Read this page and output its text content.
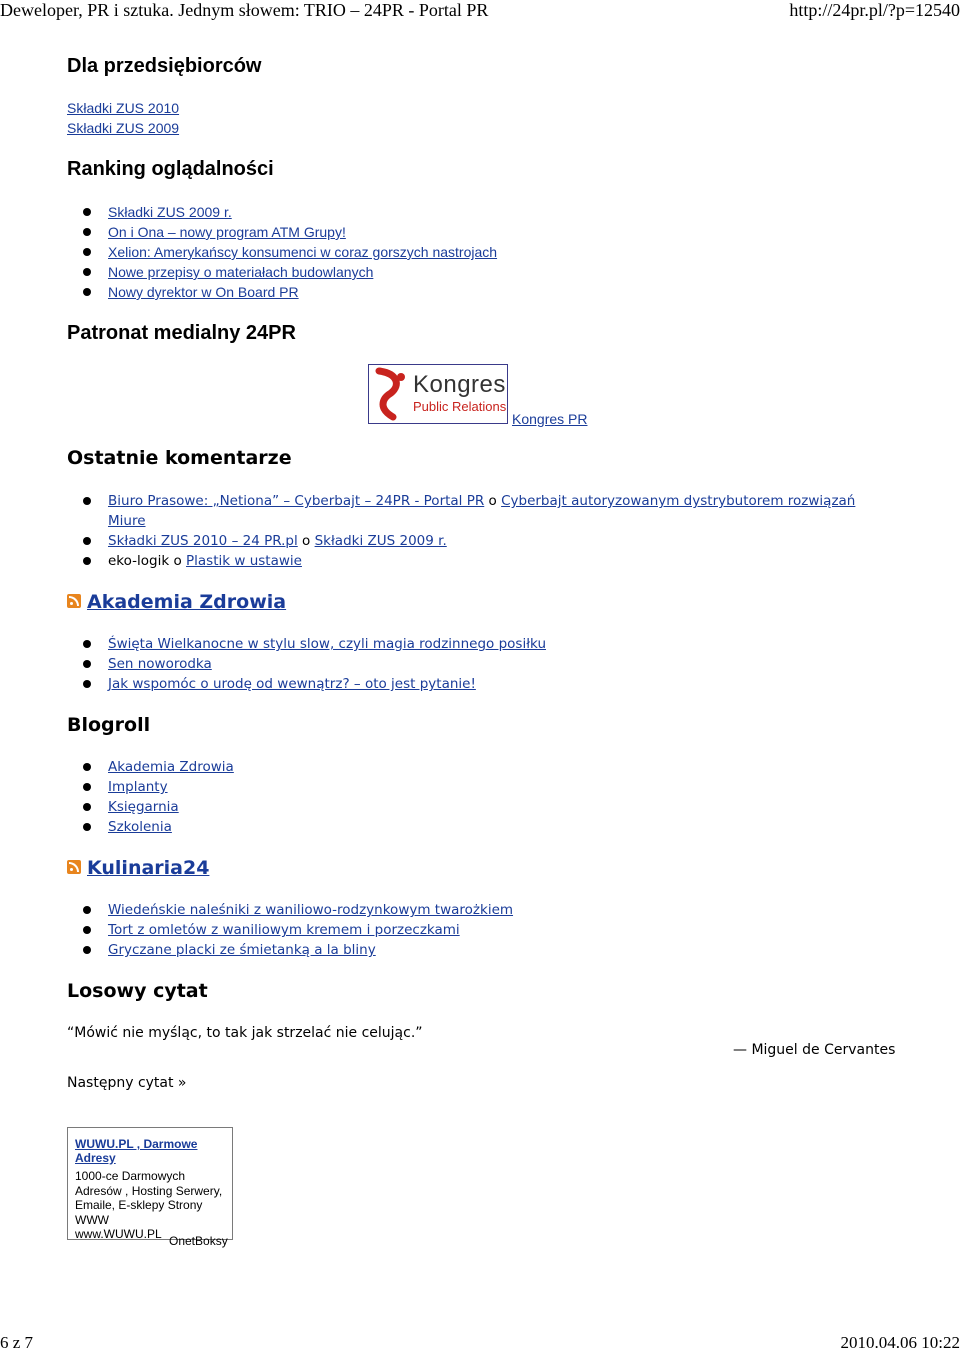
Deweloper, PR i sztuka. Jednym słowem: TRIO – 24PR - Portal PR	http://24pr.pl/?p=12540
Dla przedsiębiorców
Składki ZUS 2010
Składki ZUS 2009
Ranking oglądalności
Składki ZUS 2009 r.
On i Ona – nowy program ATM Grupy!
Xelion: Amerykańscy konsumenci w coraz gorszych nastrojach
Nowe przepisy o materiałach budowlanych
Nowy dyrektor w On Board PR
Patronat medialny 24PR
Kongres
Public Relations
Kongres PR
Ostatnie komentarze
Biuro Prasowe: „Netiona” – Cyberbajt – 24PR - Portal PR o Cyberbajt autoryzowanym dystrybutorem rozwiązań
Miure
Składki ZUS 2010 – 24 PR.pl o Składki ZUS 2009 r.
eko-logik o Plastik w ustawie
Akademia Zdrowia
Święta Wielkanocne w stylu slow, czyli magia rodzinnego posiłku
Sen noworodka
Jak wspomóc o urodę od wewnątrz? – oto jest pytanie!
Blogroll
Akademia Zdrowia
Implanty
Księgarnia
Szkolenia
Kulinaria24
Wiedeńskie naleśniki z waniliowo-rodzynkowym twarożkiem
Tort z omletów z waniliowym kremem i porzeczkami
Gryczane placki ze śmietanką a la bliny
Losowy cytat
“Mówić nie myśląc, to tak jak strzelać nie celując.”
— Miguel de Cervantes
Następny cytat »
WUWU.PL , Darmowe Adresy
1000-ce Darmowych Adresów , Hosting Serwery, Emaile, E-sklepy Strony WWW
www.WUWU.PL OnetBoksy
6 z 7	2010.04.06 10:22
